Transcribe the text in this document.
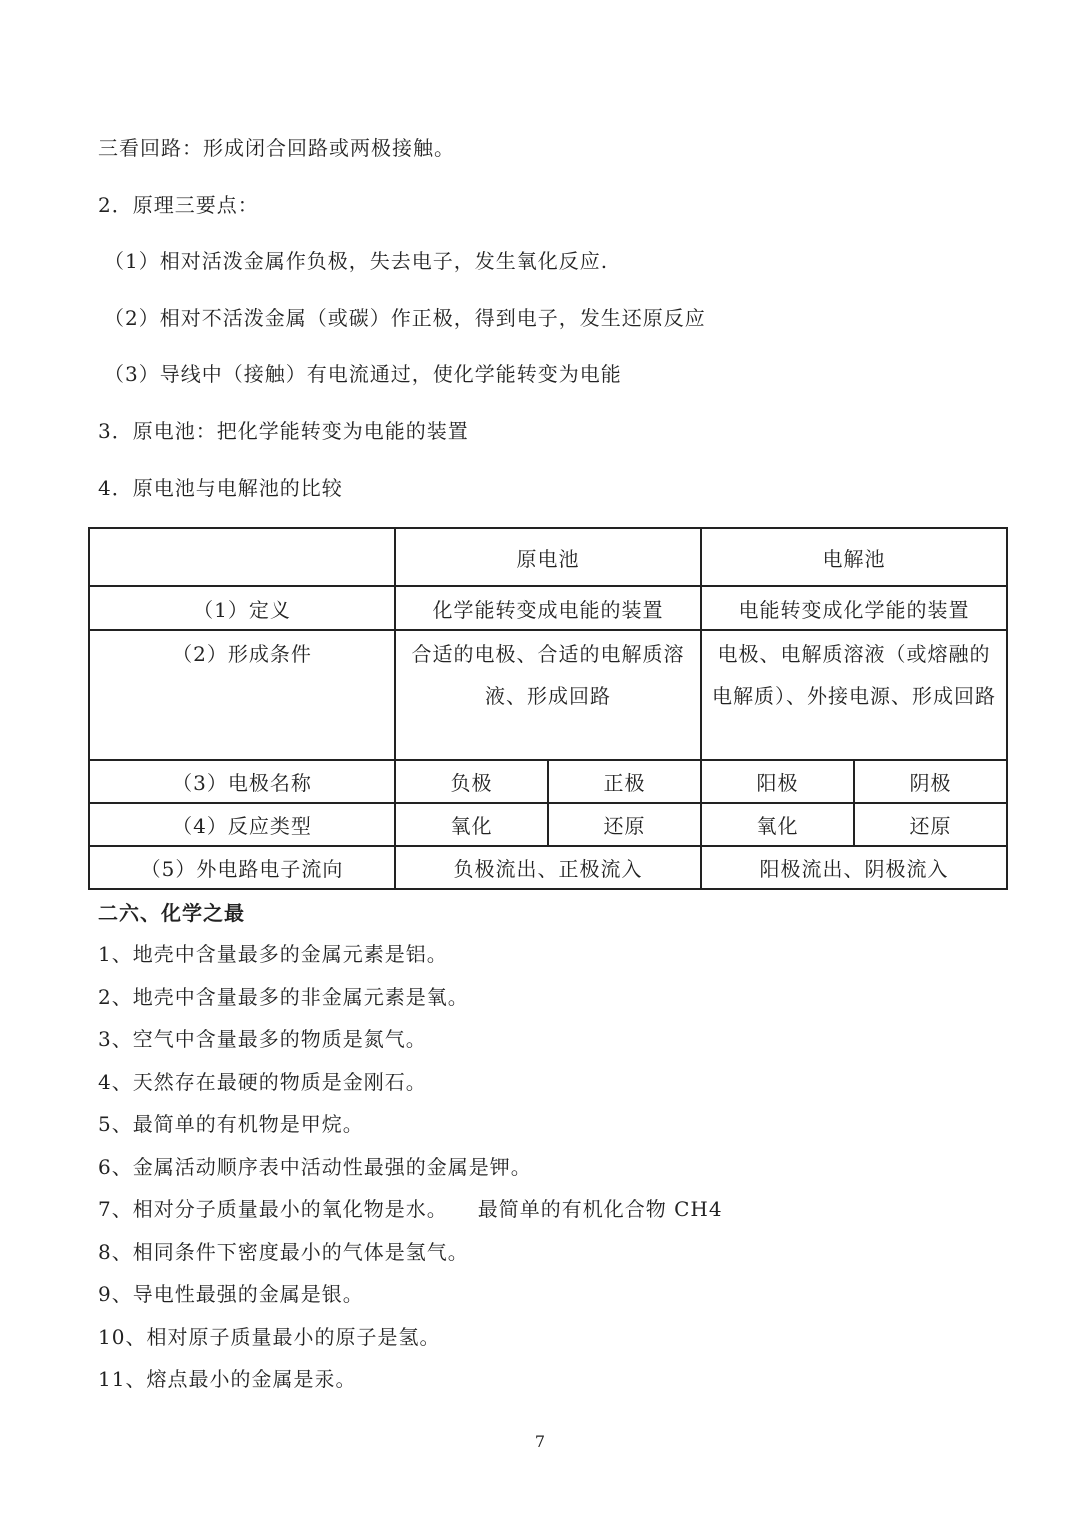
三看回路：形成闭合回路或两极接触。
2．原理三要点：
（1）相对活泼金属作负极，失去电子，发生氧化反应.
（2）相对不活泼金属（或碳）作正极，得到电子，发生还原反应
（3）导线中（接触）有电流通过，使化学能转变为电能
3．原电池：把化学能转变为电能的装置
4．原电池与电解池的比较
	原电池		电解池	
（1）定义	化学能转变成电能的装置		电能转变成化学能的装置	
（2）形成条件	合适的电极、合适的电解质溶液、形成回路		电极、电解质溶液（或熔融的电解质）、外接电源、形成回路	
（3）电极名称	负极	正极	阳极	阴极
（4）反应类型	氧化	还原	氧化	还原
（5）外电路电子流向	负极流出、正极流入		阳极流出、阴极流入	
二六、化学之最
1、地壳中含量最多的金属元素是铝。
2、地壳中含量最多的非金属元素是氧。
3、空气中含量最多的物质是氮气。
4、天然存在最硬的物质是金刚石。
5、最简单的有机物是甲烷。
6、金属活动顺序表中活动性最强的金属是钾。
7、相对分子质量最小的氧化物是水。 最简单的有机化合物 CH4
8、相同条件下密度最小的气体是氢气。
9、导电性最强的金属是银。
10、相对原子质量最小的原子是氢。
11、熔点最小的金属是汞。
7
